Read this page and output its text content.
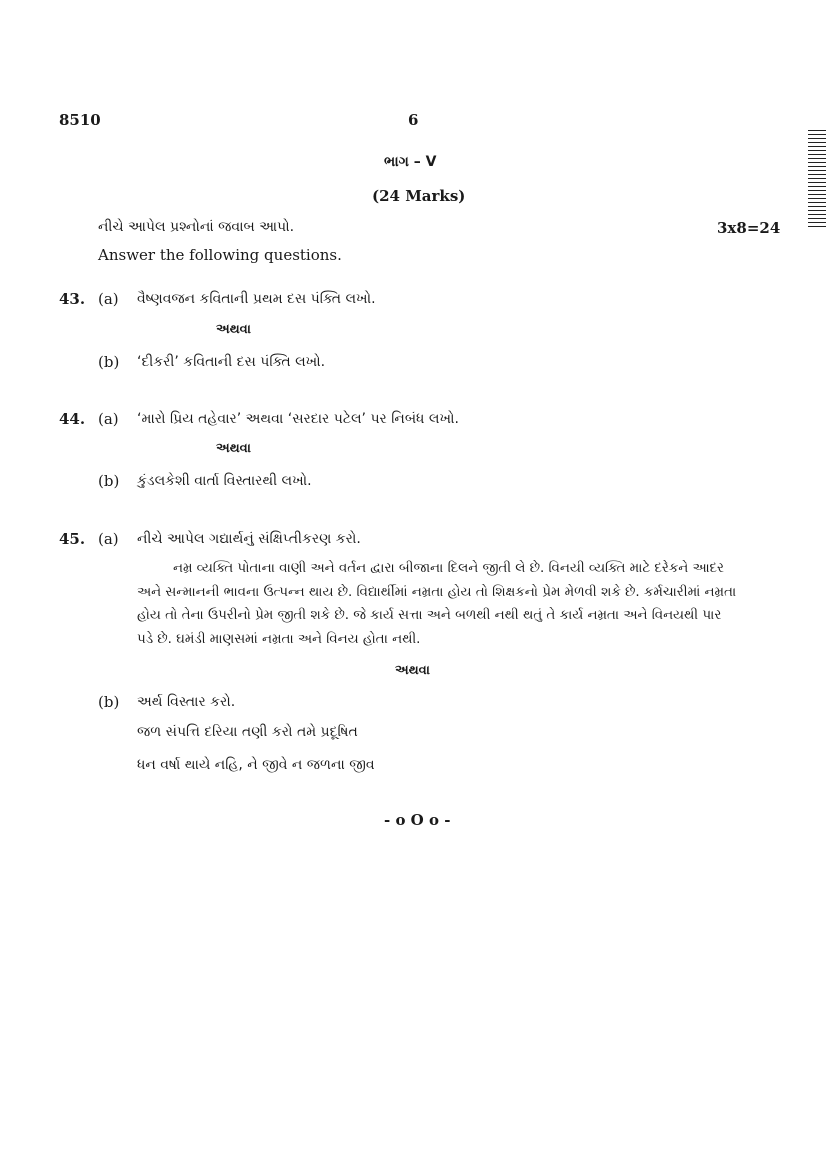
8510	6
ભાગ – V
(24 Marks)
નીચે આપેલ પ્રશ્નોનાં જવાબ આપો.	3x8=24
Answer the following questions.
43. (a) વૈષ્ણવજન કવિતાની પ્રથમ દસ પંક્તિ લખો.
અથવા
(b) ‘દીકરી’ કવિતાની દસ પંક્તિ લખો.
44. (a) ‘મારો પ્રિય તહેવાર’ અથવા ‘સરદાર પટેલ’ પર નિબંધ લખો.
અથવા
(b) કુંડલકેશી વાર્તા વિસ્તારથી લખો.
45. (a) નીચે આપેલ ગદ્યાર્થનું સંક્ષિપ્તીકરણ કરો.
નમ્ર વ્યક્તિ પોતાના વાણી અને વર્તન દ્વારા બીજાના દિલને જીતી લે છે. વિનયી વ્યક્તિ માટે દરેકને આદર અને સન્માનની ભાવના ઉત્પન્ન થાય છે. વિદ્યાર્થીમાં નમ્રતા હોય તો શિક્ષકનો પ્રેમ મેળવી શકે છે. કર્મચારીમાં નમ્રતા હોય તો તેના ઉપરીનો પ્રેમ જીતી શકે છે. જે કાર્ય સત્તા અને બળથી નથી થતું તે કાર્ય નમ્રતા અને વિનયથી પાર પડે છે. ઘમંડી માણસમાં નમ્રતા અને વિનય હોતા નથી.
અથવા
(b) અર્થ વિસ્તાર કરો.
જળ સંપત્તિ દરિયા તણી કરો તમે પ્રદૂષિત
ધન વર્ષા થાયે નહિ, ને જીવે ન જળના જીવ
- o O o -
